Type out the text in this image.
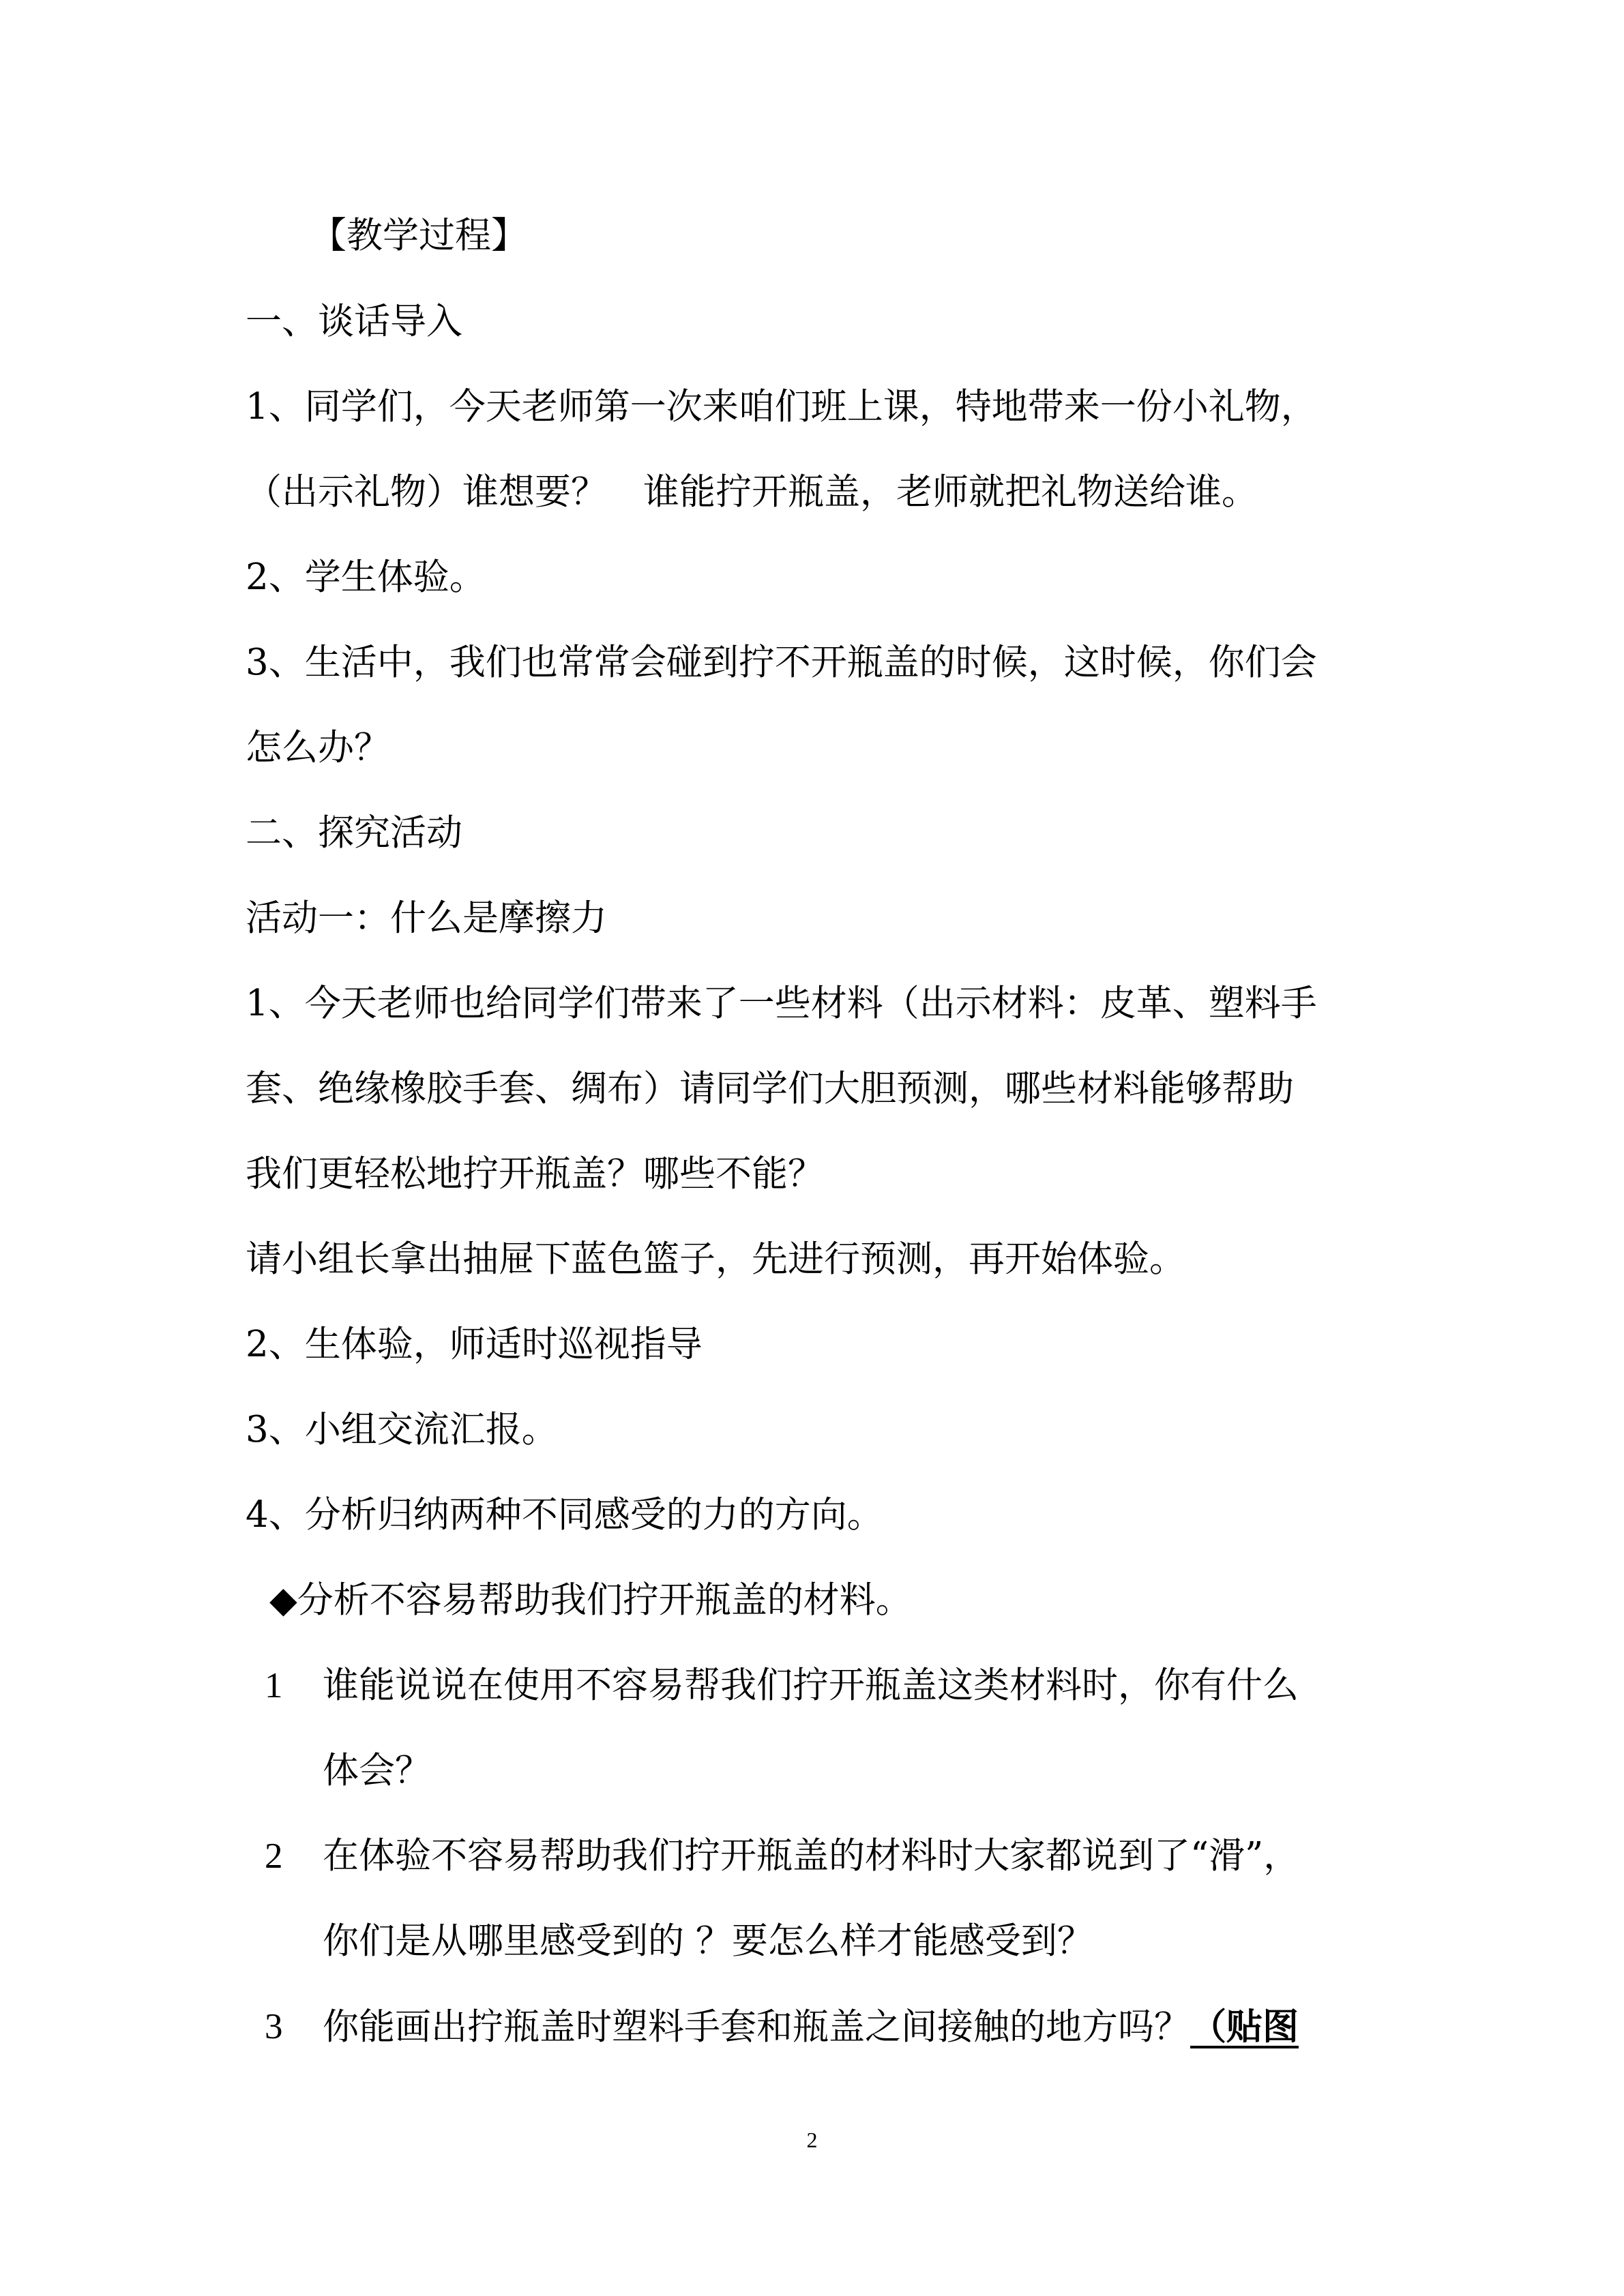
【教学过程】
一、谈话导入
1、同学们，今天老师第一次来咱们班上课，特地带来一份小礼物，
（出示礼物）谁想要？　谁能拧开瓶盖，老师就把礼物送给谁。
2、学生体验。
3、生活中，我们也常常会碰到拧不开瓶盖的时候，这时候，你们会
怎么办？
二、探究活动
活动一：什么是摩擦力
1、今天老师也给同学们带来了一些材料（出示材料：皮革、塑料手
套、绝缘橡胶手套、绸布）请同学们大胆预测，哪些材料能够帮助
我们更轻松地拧开瓶盖？哪些不能？
请小组长拿出抽屉下蓝色篮子，先进行预测，再开始体验。
2、生体验，师适时巡视指导
3、小组交流汇报。
4、分析归纳两种不同感受的力的方向。
◆分析不容易帮助我们拧开瓶盖的材料。
1 谁能说说在使用不容易帮我们拧开瓶盖这类材料时，你有什么
体会？
2 在体验不容易帮助我们拧开瓶盖的材料时大家都说到了“滑”，
你们是从哪里感受到的 ？要怎么样才能感受到？
3 你能画出拧瓶盖时塑料手套和瓶盖之间接触的地方吗？（贴图
2
